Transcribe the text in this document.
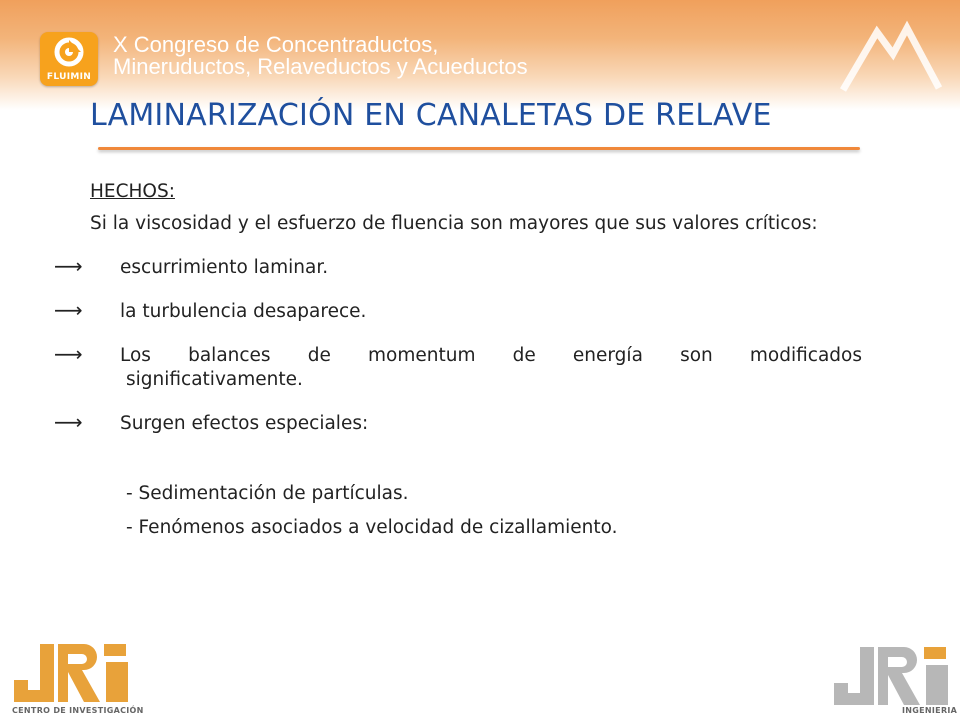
FLUIMIN
X Congreso de Concentraductos,
Mineruductos, Relaveductos y Acueductos
LAMINARIZACIÓN EN CANALETAS DE RELAVE
HECHOS:
Si la viscosidad y el esfuerzo de fluencia son mayores que sus valores críticos:
⟶ escurrimiento laminar.
⟶ la turbulencia desaparece.
⟶ Los balances de momentum de energía son modificados significativamente.
⟶ Surgen efectos especiales:
- Sedimentación de partículas.
- Fenómenos asociados a velocidad de cizallamiento.
CENTRO DE INVESTIGACIÓN	INGENIERIA
